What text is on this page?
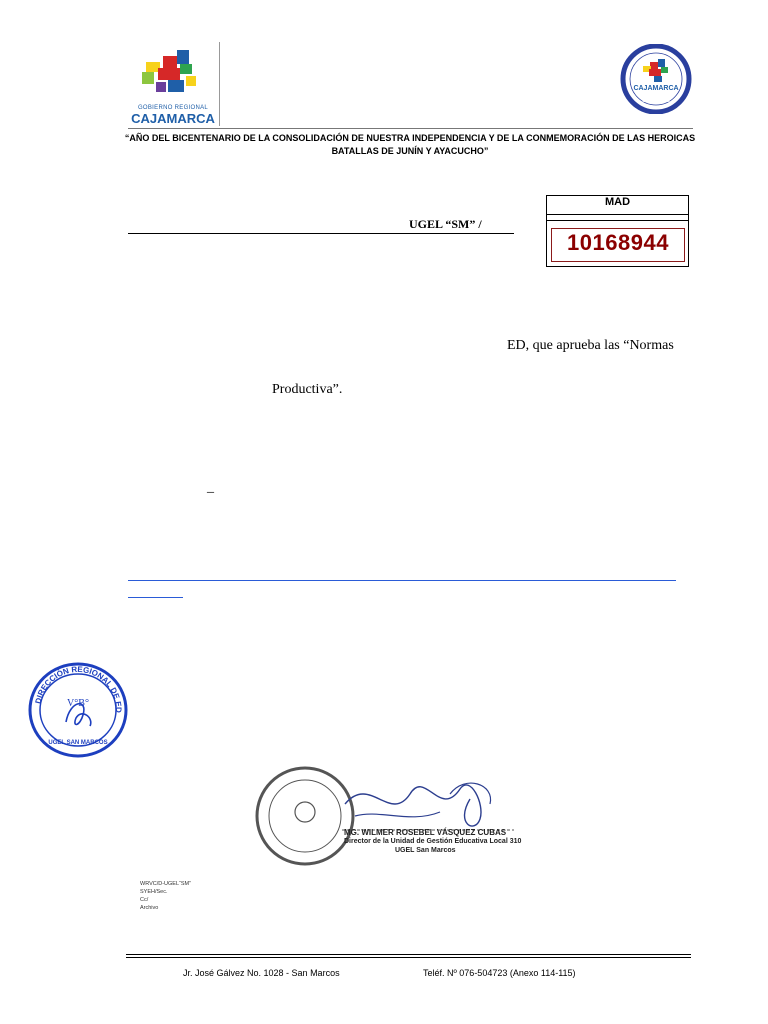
GOBIERNO REGIONAL
CAJAMARCA
CAJAMARCA
SAN MARCOS
“AÑO DEL BICENTENARIO DE LA CONSOLIDACIÓN DE NUESTRA INDEPENDENCIA Y DE LA CONMEMORACIÓN DE LAS HEROICAS
BATALLAS DE JUNÍN Y AYACUCHO”
MAD
10168944
UGEL “SM” /
ED, que aprueba las “Normas
Productiva”.
_
DIRECCIÓN REGIONAL DE ED
V°B°
UGEL SAN MARCOS
MG. WILMER ROSEBEL VÁSQUEZ CUBAS
Director de la Unidad de Gestión Educativa Local 310
UGEL San Marcos
WRVC/D-UGEL“SM”
SYEH/Sec.
Cc/
Archivo
Jr. José Gálvez No. 1028 - San Marcos	Teléf. Nº 076-504723 (Anexo 114-115)
